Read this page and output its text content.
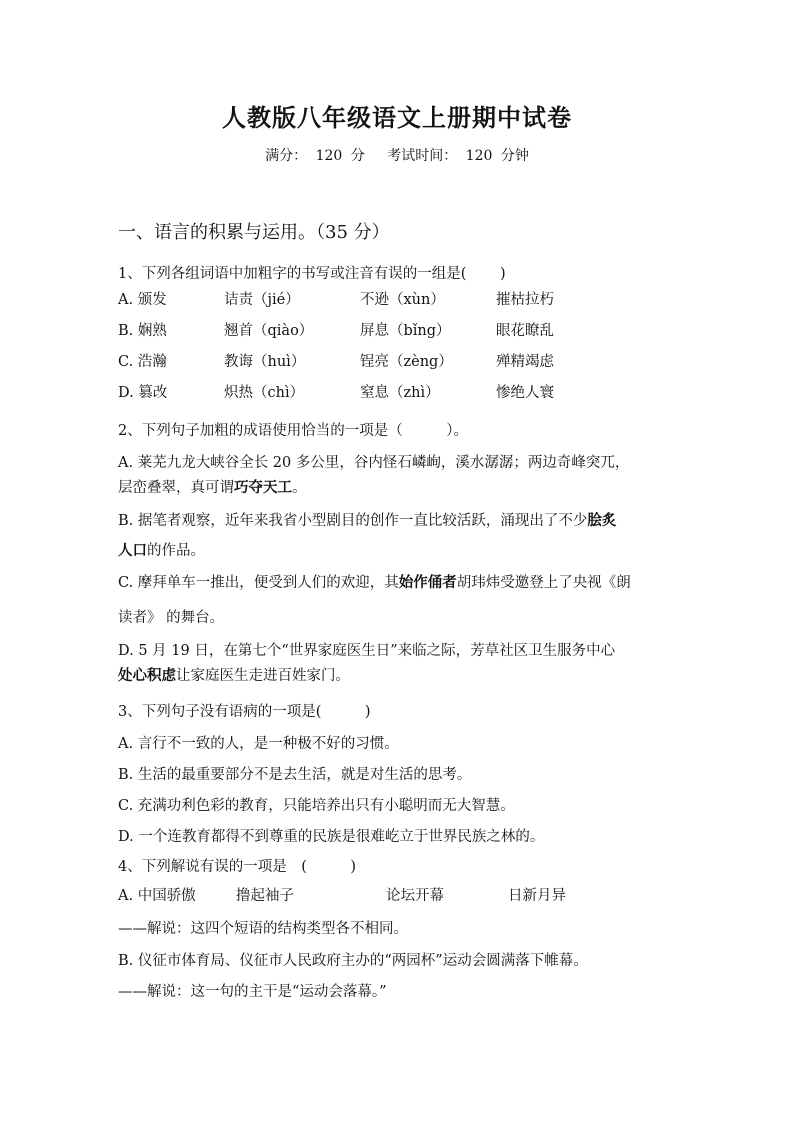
人教版八年级语文上册期中试卷
满分： 120 分 　考试时间： 120 分钟
一、语言的积累与运用。（35 分）
1、下列各组词语中加粗字的书写或注音有误的一组是(　　 )
A. 颁发	诘责（jié）	不逊（xùn）	摧枯拉朽
B. 娴熟	翘首（qiào）	屏息（bǐng）	眼花瞭乱
C. 浩瀚	教诲（huì）	锃亮（zèng）	殚精竭虑
D. 篡改	炽热（chì）	窒息（zhì）	惨绝人寰
2、下列句子加粗的成语使用恰当的一项是（　　　）。
A. 莱芜九龙大峡谷全长 20 多公里，谷内怪石嶙峋，溪水潺潺；两边奇峰突兀，
层峦叠翠，真可谓巧夺天工。
B. 据笔者观察，近年来我省小型剧目的创作一直比较活跃，涌现出了不少脍炙
人口的作品。
C. 摩拜单车一推出，便受到人们的欢迎，其始作俑者胡玮炜受邀登上了央视《朗
读者》 的舞台。
D. 5 月 19 日，在第七个“世界家庭医生日”来临之际，芳草社区卫生服务中心
处心积虑让家庭医生走进百姓家门。
3、下列句子没有语病的一项是(　　　)
A. 言行不一致的人，是一种极不好的习惯。
B. 生活的最重要部分不是去生活，就是对生活的思考。
C. 充满功利色彩的教育，只能培养出只有小聪明而无大智慧。
D. 一个连教育都得不到尊重的民族是很难屹立于世界民族之林的。
4、下列解说有误的一项是　(　　　)
A. 中国骄傲	撸起袖子	论坛开幕	日新月异
——解说：这四个短语的结构类型各不相同。
B. 仪征市体育局、仪征市人民政府主办的“两园杯”运动会圆满落下帷幕。
——解说：这一句的主干是“运动会落幕。”
